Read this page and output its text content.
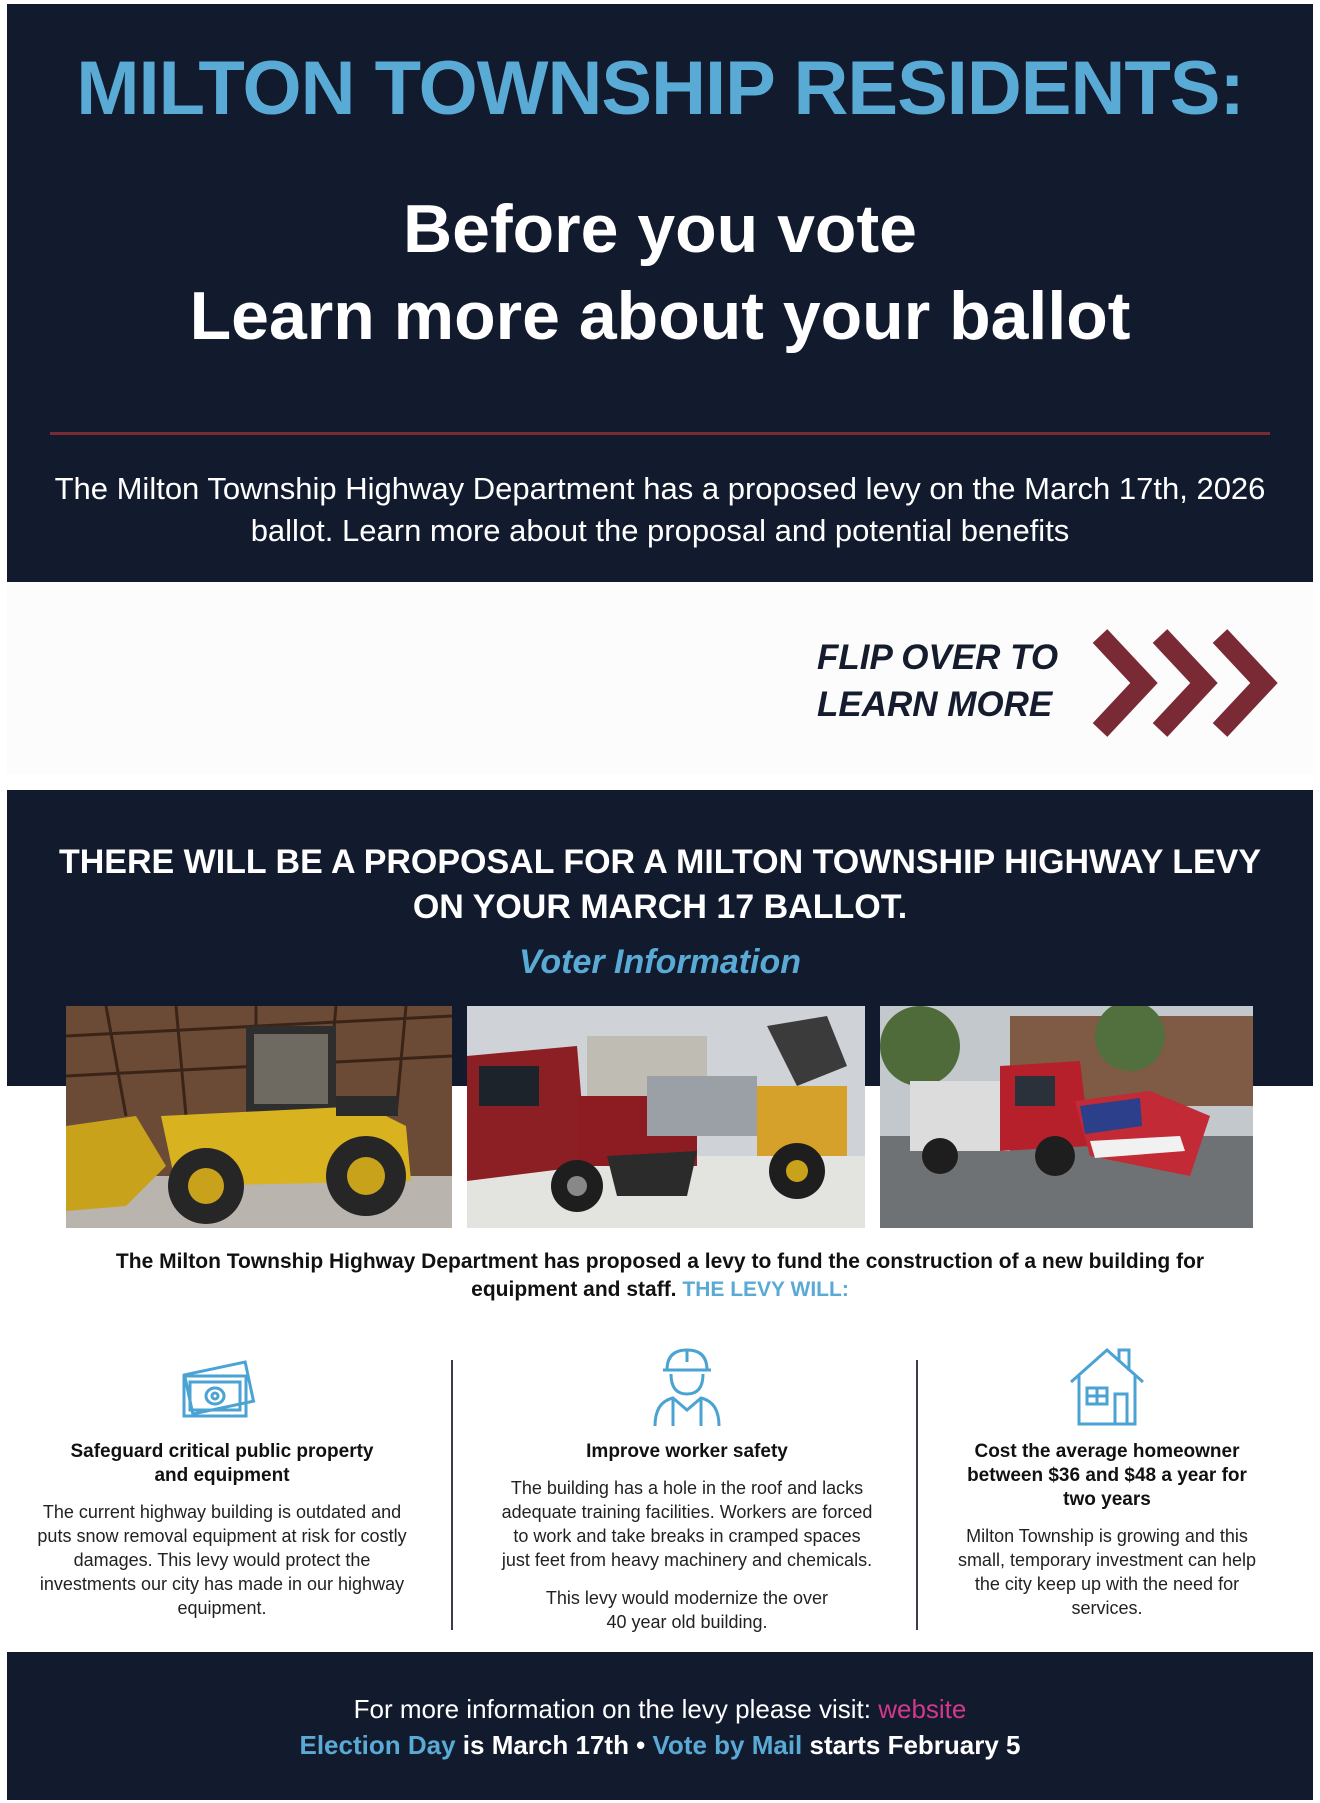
MILTON TOWNSHIP RESIDENTS:
Before you vote
Learn more about your ballot
The Milton Township Highway Department has a proposed levy on the March 17th, 2026 ballot. Learn more about the proposal and potential benefits
FLIP OVER TO
LEARN MORE
THERE WILL BE A PROPOSAL FOR A MILTON TOWNSHIP HIGHWAY LEVY ON YOUR MARCH 17 BALLOT.
Voter Information
The Milton Township Highway Department has proposed a levy to fund the construction of a new building for equipment and staff. THE LEVY WILL:
Safeguard critical public property and equipment

The current highway building is outdated and puts snow removal equipment at risk for costly damages. This levy would protect the investments our city has made in our highway equipment.

Improve worker safety

The building has a hole in the roof and lacks adequate training facilities. Workers are forced to work and take breaks in cramped spaces just feet from heavy machinery and chemicals.

This levy would modernize the over 40 year old building.

Cost the average homeowner between $36 and $48 a year for two years

Milton Township is growing and this small, temporary investment can help the city keep up with the need for services.

For more information on the levy please visit: website
Election Day is March 17th • Vote by Mail starts February 5
